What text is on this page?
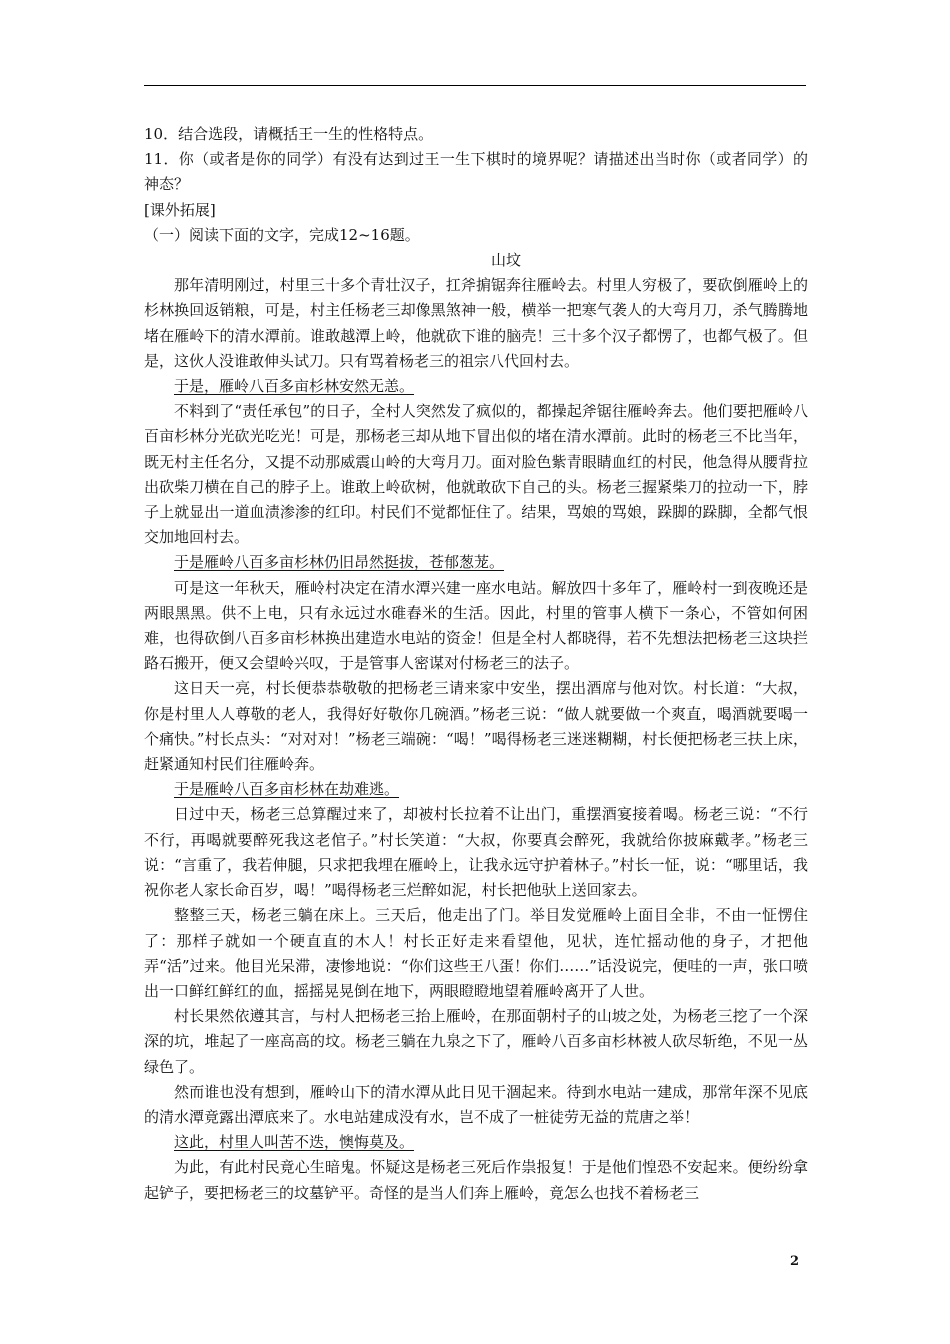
10．结合选段，请概括王一生的性格特点。

11．你（或者是你的同学）有没有达到过王一生下棋时的境界呢？请描述出当时你（或者同学）的神态？

[课外拓展]

（一）阅读下面的文字，完成12~16题。

山坟

那年清明刚过，村里三十多个青壮汉子，扛斧掮锯奔往雁岭去。村里人穷极了，要砍倒雁岭上的杉林换回返销粮，可是，村主任杨老三却像黑煞神一般，横举一把寒气袭人的大弯月刀，杀气腾腾地堵在雁岭下的清水潭前。谁敢越潭上岭，他就砍下谁的脑壳！三十多个汉子都愣了，也都气极了。但是，这伙人没谁敢伸头试刀。只有骂着杨老三的祖宗八代回村去。

于是，雁岭八百多亩杉林安然无恙。

不料到了“责任承包”的日子，全村人突然发了疯似的，都操起斧锯往雁岭奔去。他们要把雁岭八百亩杉林分光砍光吃光！可是，那杨老三却从地下冒出似的堵在清水潭前。此时的杨老三不比当年，既无村主任名分，又提不动那威震山岭的大弯月刀。面对脸色紫青眼睛血红的村民，他急得从腰背拉出砍柴刀横在自己的脖子上。谁敢上岭砍树，他就敢砍下自己的头。杨老三握紧柴刀的拉动一下，脖子上就显出一道血渍渗渗的红印。村民们不觉都怔住了。结果，骂娘的骂娘，跺脚的跺脚，全都气恨交加地回村去。

于是雁岭八百多亩杉林仍旧昂然挺拔，苍郁葱茏。

可是这一年秋天，雁岭村决定在清水潭兴建一座水电站。解放四十多年了，雁岭村一到夜晚还是两眼黑黑。供不上电，只有永远过水碓舂米的生活。因此，村里的管事人横下一条心，不管如何困难，也得砍倒八百多亩杉林换出建造水电站的资金！但是全村人都晓得，若不先想法把杨老三这块拦路石搬开，便又会望岭兴叹，于是管事人密谋对付杨老三的法子。

这日天一亮，村长便恭恭敬敬的把杨老三请来家中安坐，摆出酒席与他对饮。村长道：“大叔，你是村里人人尊敬的老人，我得好好敬你几碗酒。”杨老三说：“做人就要做一个爽直，喝酒就要喝一个痛快。”村长点头：“对对对！”杨老三端碗：“喝！”喝得杨老三迷迷糊糊，村长便把杨老三扶上床，赶紧通知村民们往雁岭奔。

于是雁岭八百多亩杉林在劫难逃。

日过中天，杨老三总算醒过来了，却被村长拉着不让出门，重摆酒宴接着喝。杨老三说：“不行不行，再喝就要醉死我这老倌子。”村长笑道：“大叔，你要真会醉死，我就给你披麻戴孝。”杨老三说：“言重了，我若伸腿，只求把我埋在雁岭上，让我永远守护着林子。”村长一怔，说：“哪里话，我祝你老人家长命百岁，喝！”喝得杨老三烂醉如泥，村长把他驮上送回家去。

整整三天，杨老三躺在床上。三天后，他走出了门。举目发觉雁岭上面目全非，不由一怔愣住了：那样子就如一个硬直直的木人！村长正好走来看望他，见状，连忙摇动他的身子，才把他弄“活”过来。他目光呆滞，凄惨地说：“你们这些王八蛋！你们……”话没说完，便哇的一声，张口喷出一口鲜红鲜红的血，摇摇晃晃倒在地下，两眼瞪瞪地望着雁岭离开了人世。

村长果然依遵其言，与村人把杨老三抬上雁岭，在那面朝村子的山坡之处，为杨老三挖了一个深深的坑，堆起了一座高高的坟。杨老三躺在九泉之下了，雁岭八百多亩杉林被人砍尽斩绝，不见一丛绿色了。

然而谁也没有想到，雁岭山下的清水潭从此日见干涸起来。待到水电站一建成，那常年深不见底的清水潭竟露出潭底来了。水电站建成没有水，岂不成了一桩徒劳无益的荒唐之举！

这此，村里人叫苦不迭，懊悔莫及。

为此，有此村民竟心生暗鬼。怀疑这是杨老三死后作祟报复！于是他们惶恐不安起来。便纷纷拿起铲子，要把杨老三的坟墓铲平。奇怪的是当人们奔上雁岭，竟怎么也找不着杨老三

2
